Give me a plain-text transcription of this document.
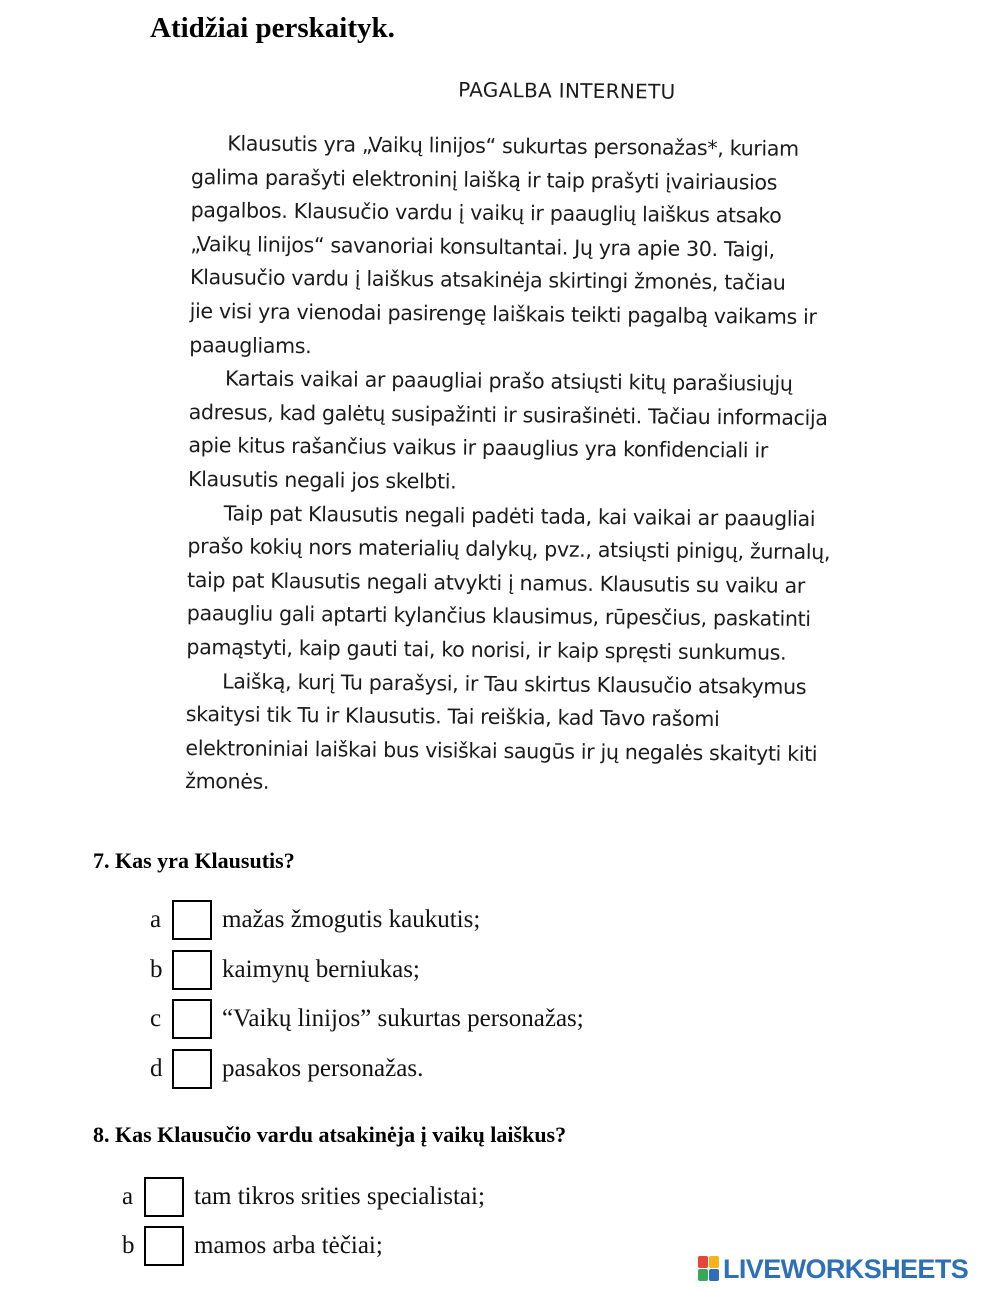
Atidžiai perskaityk.
PAGALBA INTERNETU

Klausutis yra „Vaikų linijos“ sukurtas personažas*, kuriam
galima parašyti elektroninį laišką ir taip prašyti įvairiausios
pagalbos. Klausučio vardu į vaikų ir paauglių laiškus atsako
„Vaikų linijos“ savanoriai konsultantai. Jų yra apie 30. Taigi,
Klausučio vardu į laiškus atsakinėja skirtingi žmonės, tačiau
jie visi yra vienodai pasirengę laiškais teikti pagalbą vaikams ir
paaugliams.

Kartais vaikai ar paaugliai prašo atsiųsti kitų parašiusiųjų
adresus, kad galėtų susipažinti ir susirašinėti. Tačiau informacija
apie kitus rašančius vaikus ir paauglius yra konfidenciali ir
Klausutis negali jos skelbti.

Taip pat Klausutis negali padėti tada, kai vaikai ar paaugliai
prašo kokių nors materialių dalykų, pvz., atsiųsti pinigų, žurnalų,
taip pat Klausutis negali atvykti į namus. Klausutis su vaiku ar
paaugliu gali aptarti kylančius klausimus, rūpesčius, paskatinti
pamąstyti, kaip gauti tai, ko norisi, ir kaip spręsti sunkumus.

Laišką, kurį Tu parašysi, ir Tau skirtus Klausučio atsakymus
skaitysi tik Tu ir Klausutis. Tai reiškia, kad Tavo rašomi
elektroniniai laiškai bus visiškai saugūs ir jų negalės skaityti kiti
žmonės.

7. Kas yra Klausutis?
a	mažas žmogutis kaukutis;
b	kaimynų berniukas;
c	“Vaikų linijos” sukurtas personažas;
d	pasakos personažas.
8. Kas Klausučio vardu atsakinėja į vaikų laiškus?
a	tam tikros srities specialistai;
b	mamos arba tėčiai;
LIVEWORKSHEETS
